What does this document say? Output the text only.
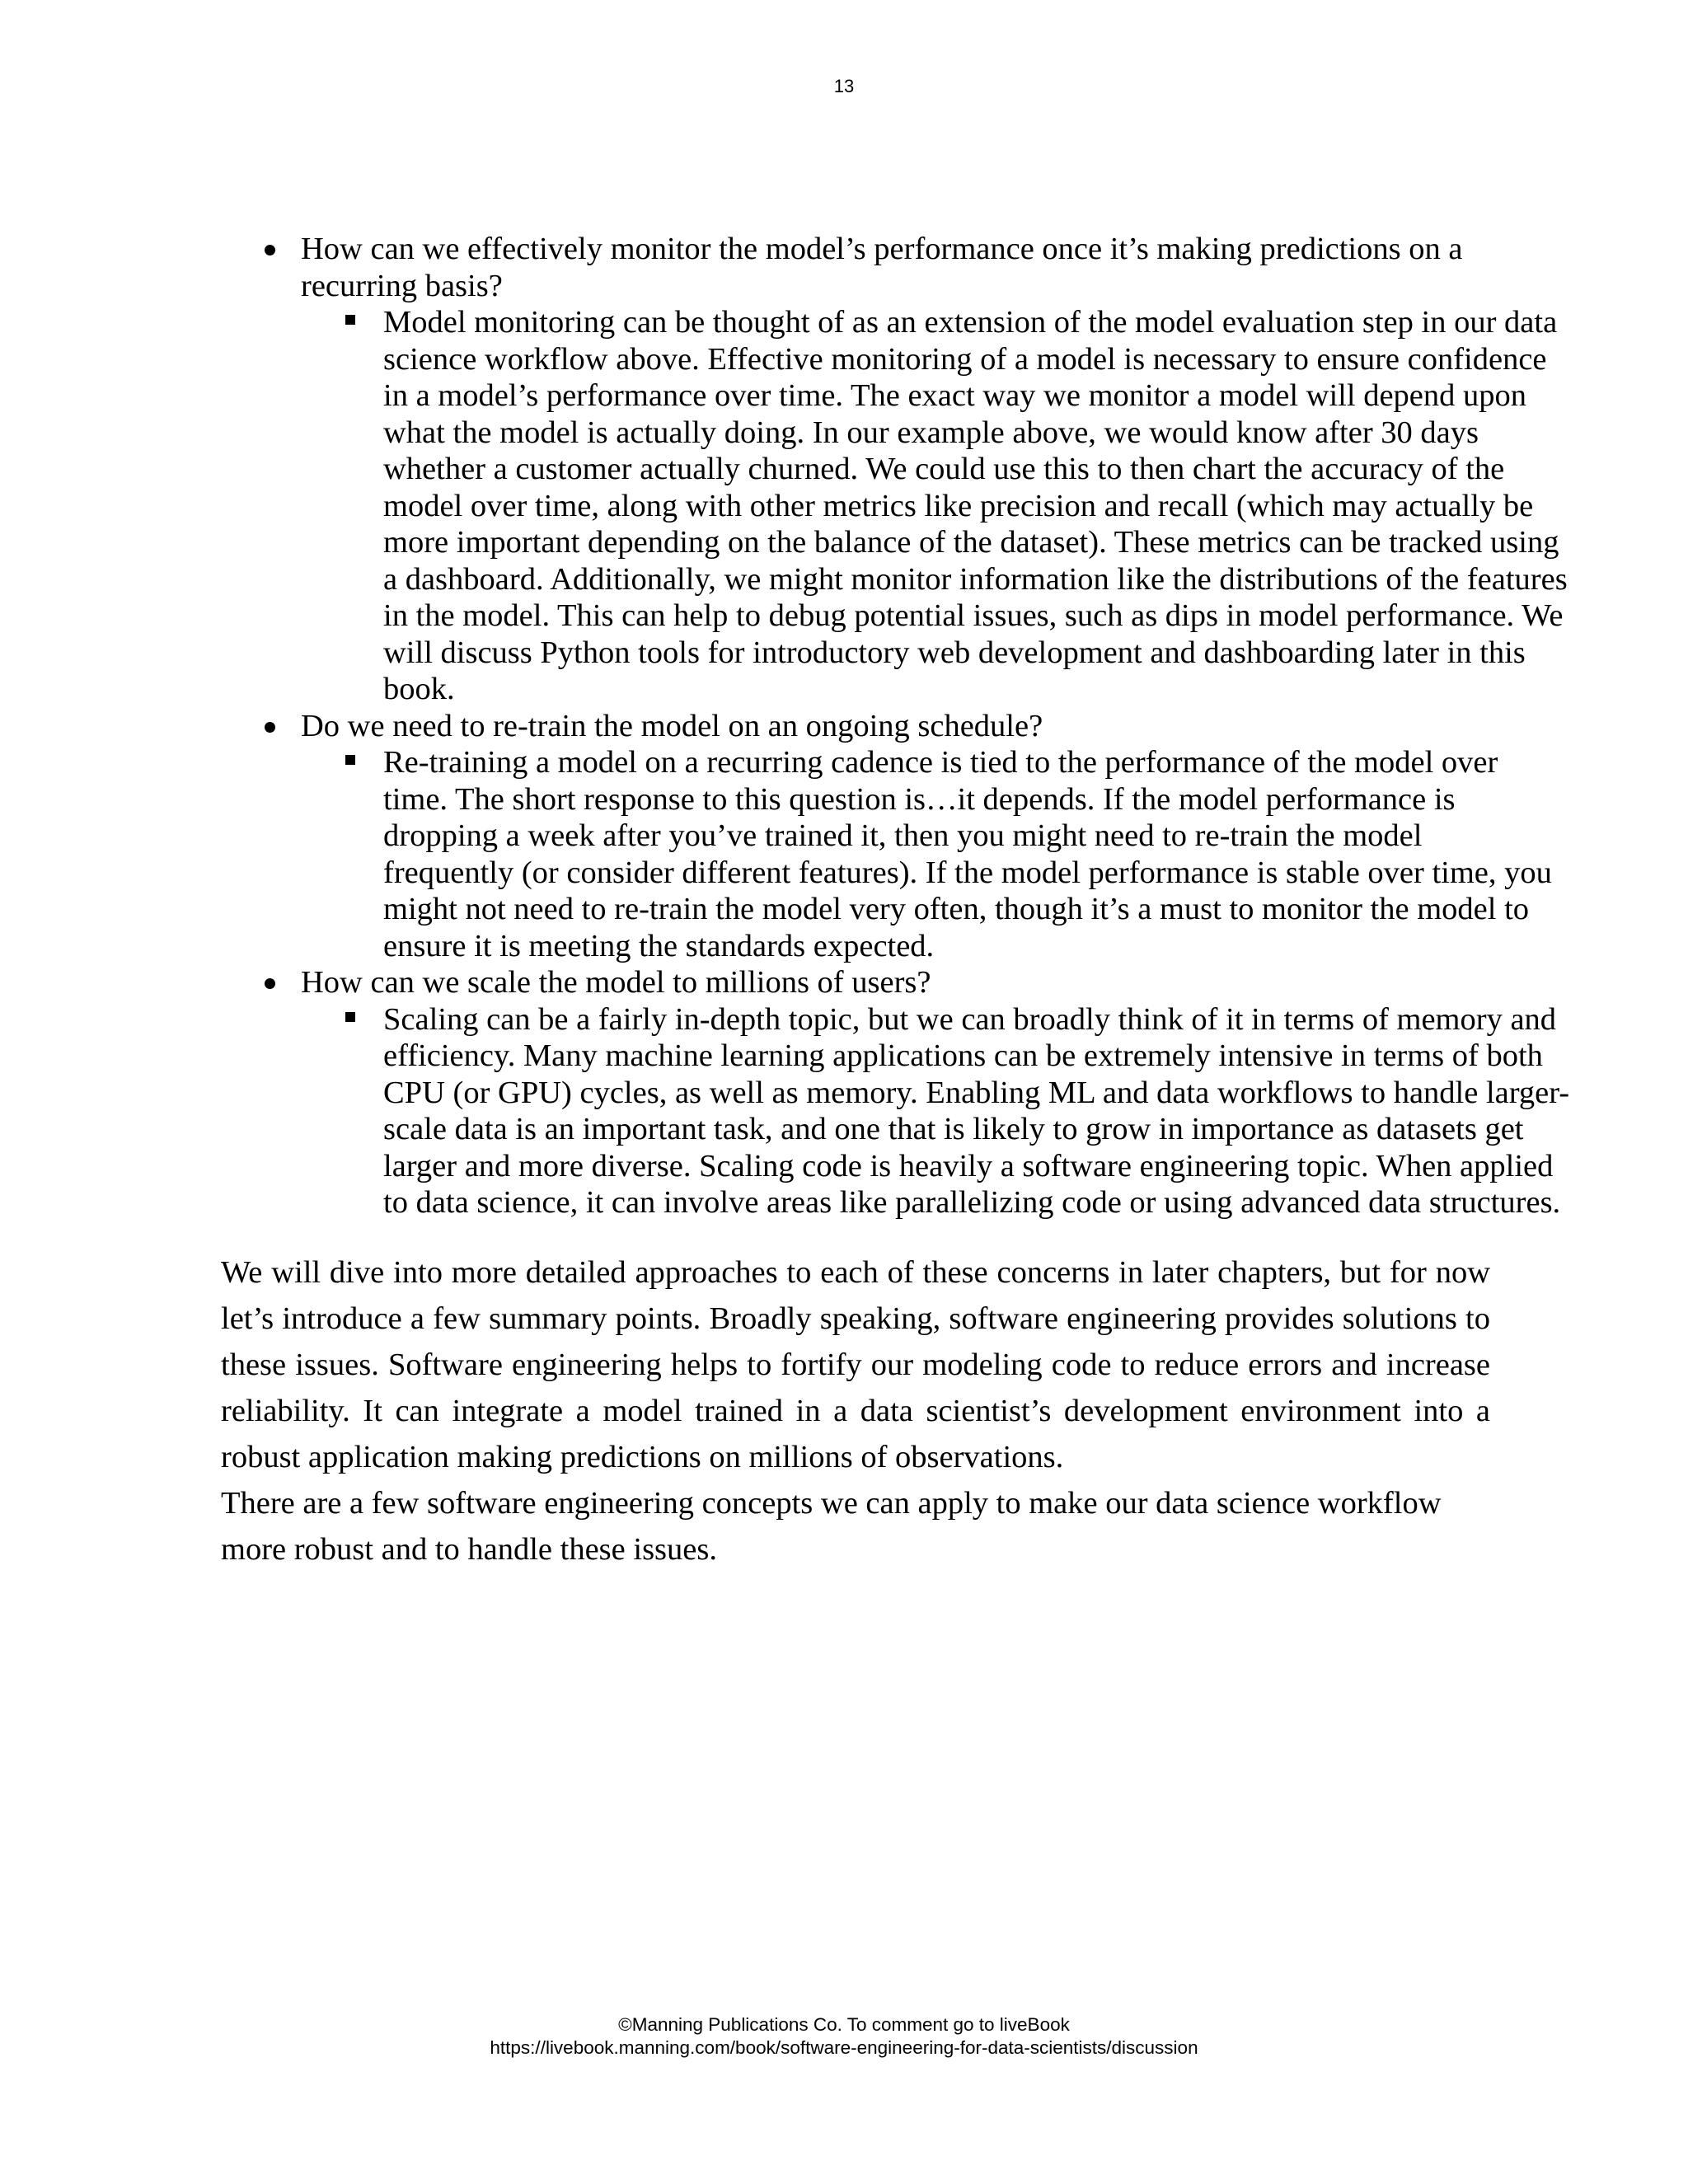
13
How can we effectively monitor the model’s performance once it’s making predictions on a recurring basis?
Model monitoring can be thought of as an extension of the model evaluation step in our data science workflow above. Effective monitoring of a model is necessary to ensure confidence in a model’s performance over time. The exact way we monitor a model will depend upon what the model is actually doing. In our example above, we would know after 30 days whether a customer actually churned. We could use this to then chart the accuracy of the model over time, along with other metrics like precision and recall (which may actually be more important depending on the balance of the dataset). These metrics can be tracked using a dashboard. Additionally, we might monitor information like the distributions of the features in the model. This can help to debug potential issues, such as dips in model performance. We will discuss Python tools for introductory web development and dashboarding later in this book.
Do we need to re-train the model on an ongoing schedule?
Re-training a model on a recurring cadence is tied to the performance of the model over time. The short response to this question is…it depends. If the model performance is dropping a week after you’ve trained it, then you might need to re-train the model frequently (or consider different features). If the model performance is stable over time, you might not need to re-train the model very often, though it’s a must to monitor the model to ensure it is meeting the standards expected.
How can we scale the model to millions of users?
Scaling can be a fairly in-depth topic, but we can broadly think of it in terms of memory and efficiency. Many machine learning applications can be extremely intensive in terms of both CPU (or GPU) cycles, as well as memory. Enabling ML and data workflows to handle larger-scale data is an important task, and one that is likely to grow in importance as datasets get larger and more diverse. Scaling code is heavily a software engineering topic. When applied to data science, it can involve areas like parallelizing code or using advanced data structures.
We will dive into more detailed approaches to each of these concerns in later chapters, but for now let’s introduce a few summary points. Broadly speaking, software engineering provides solutions to these issues. Software engineering helps to fortify our modeling code to reduce errors and increase reliability. It can integrate a model trained in a data scientist’s development environment into a robust application making predictions on millions of observations.
There are a few software engineering concepts we can apply to make our data science workflow more robust and to handle these issues.
©Manning Publications Co. To comment go to liveBook
https://livebook.manning.com/book/software-engineering-for-data-scientists/discussion
